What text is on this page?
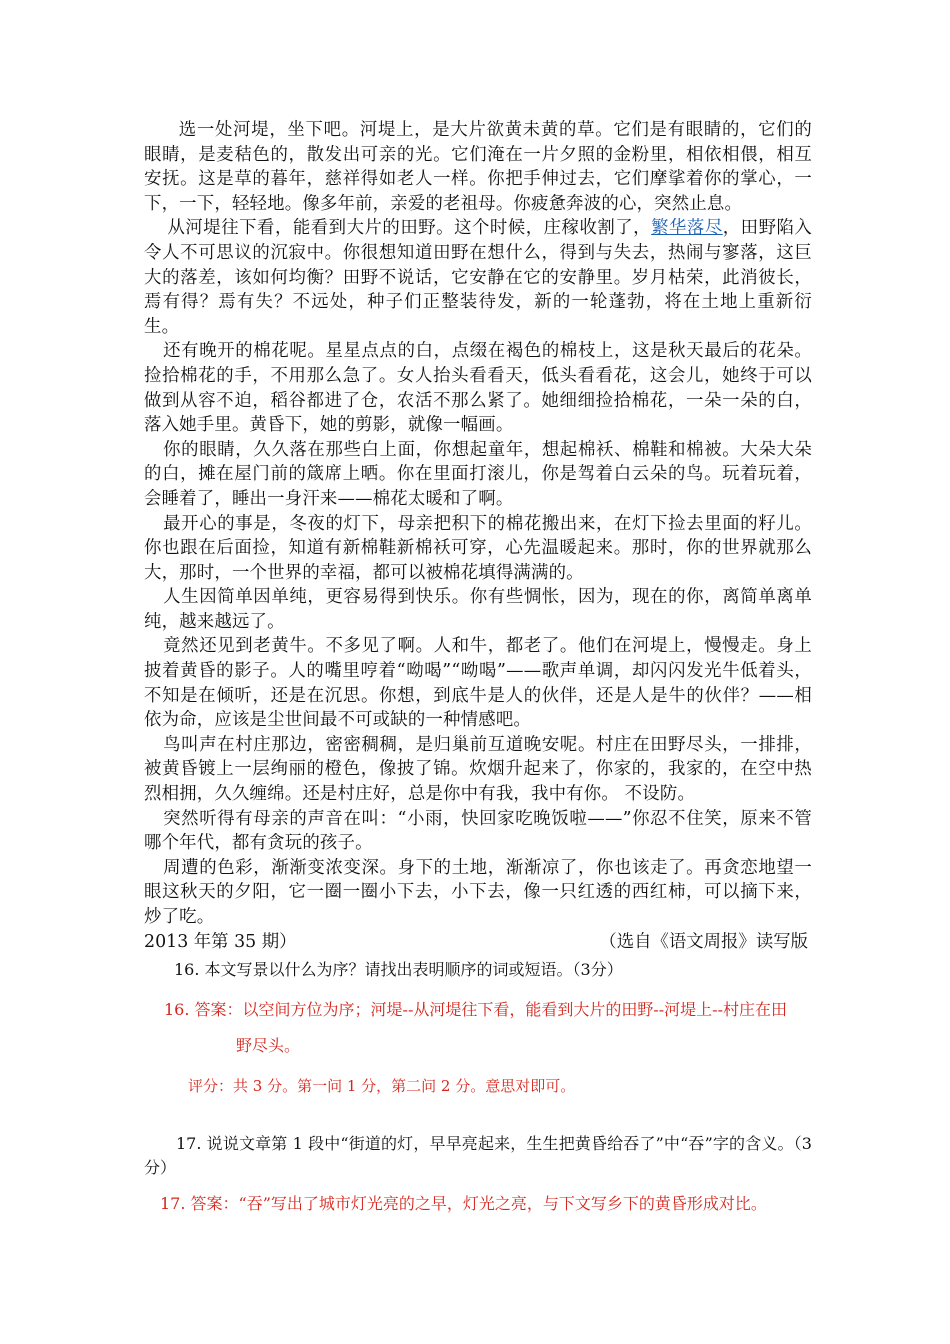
选一处河堤，坐下吧。河堤上，是大片欲黄未黄的草。它们是有眼睛的，它们的眼睛，是麦秸色的，散发出可亲的光。它们淹在一片夕照的金粉里，相依相偎，相互安抚。这是草的暮年，慈祥得如老人一样。你把手伸过去，它们摩挲着你的掌心，一下，一下，轻轻地。像多年前，亲爱的老祖母。你疲惫奔波的心，突然止息。

从河堤往下看，能看到大片的田野。这个时候，庄稼收割了，繁华落尽，田野陷入令人不可思议的沉寂中。你很想知道田野在想什么，得到与失去，热闹与寥落，这巨大的落差，该如何均衡？田野不说话，它安静在它的安静里。岁月枯荣，此消彼长，焉有得？焉有失？不远处，种子们正整装待发，新的一轮蓬勃，将在土地上重新衍生。

还有晚开的棉花呢。星星点点的白，点缀在褐色的棉枝上，这是秋天最后的花朵。捡拾棉花的手，不用那么急了。女人抬头看看天，低头看看花，这会儿，她终于可以做到从容不迫，稻谷都进了仓，农活不那么紧了。她细细捡拾棉花，一朵一朵的白，落入她手里。黄昏下，她的剪影，就像一幅画。

你的眼睛，久久落在那些白上面，你想起童年，想起棉袄、棉鞋和棉被。大朵大朵的白，摊在屋门前的箴席上晒。你在里面打滚儿，你是驾着白云朵的鸟。玩着玩着，会睡着了，睡出一身汗来——棉花太暖和了啊。

最开心的事是，冬夜的灯下，母亲把积下的棉花搬出来，在灯下捡去里面的籽儿。你也跟在后面捡，知道有新棉鞋新棉袄可穿，心先温暖起来。那时，你的世界就那么大，那时，一个世界的幸福，都可以被棉花填得满满的。

人生因简单因单纯，更容易得到快乐。你有些惆怅，因为，现在的你，离简单离单纯，越来越远了。

竟然还见到老黄牛。不多见了啊。人和牛，都老了。他们在河堤上，慢慢走。身上披着黄昏的影子。人的嘴里哼着“呦喝”“呦喝”——歌声单调，却闪闪发光牛低着头，不知是在倾听，还是在沉思。你想，到底牛是人的伙伴，还是人是牛的伙伴？——相依为命，应该是尘世间最不可或缺的一种情感吧。

鸟叫声在村庄那边，密密稠稠，是归巢前互道晚安呢。村庄在田野尽头，一排排，被黄昏镀上一层绚丽的橙色，像披了锦。炊烟升起来了，你家的，我家的，在空中热烈相拥，久久缠绵。还是村庄好，总是你中有我，我中有你。 不设防。

突然听得有母亲的声音在叫：“小雨，快回家吃晚饭啦——”你忍不住笑，原来不管哪个年代，都有贪玩的孩子。

周遭的色彩，渐渐变浓变深。身下的土地，渐渐凉了，你也该走了。再贪恋地望一眼这秋天的夕阳，它一圈一圈小下去，小下去，像一只红透的西红柿，可以摘下来，炒了吃。

（选自《语文周报》读写版

2013 年第 35 期）

16. 本文写景以什么为序？请找出表明顺序的词或短语。（3分）

16. 答案：以空间方位为序；河堤--从河堤往下看，能看到大片的田野--河堤上--村庄在田
野尽头。

评分：共 3 分。第一问 1 分，第二问 2 分。意思对即可。

17. 说说文章第 1 段中“街道的灯，早早亮起来，生生把黄昏给吞了”中“吞”字的含义。（3分）

17. 答案：“吞”写出了城市灯光亮的之早，灯光之亮，与下文写乡下的黄昏形成对比。
